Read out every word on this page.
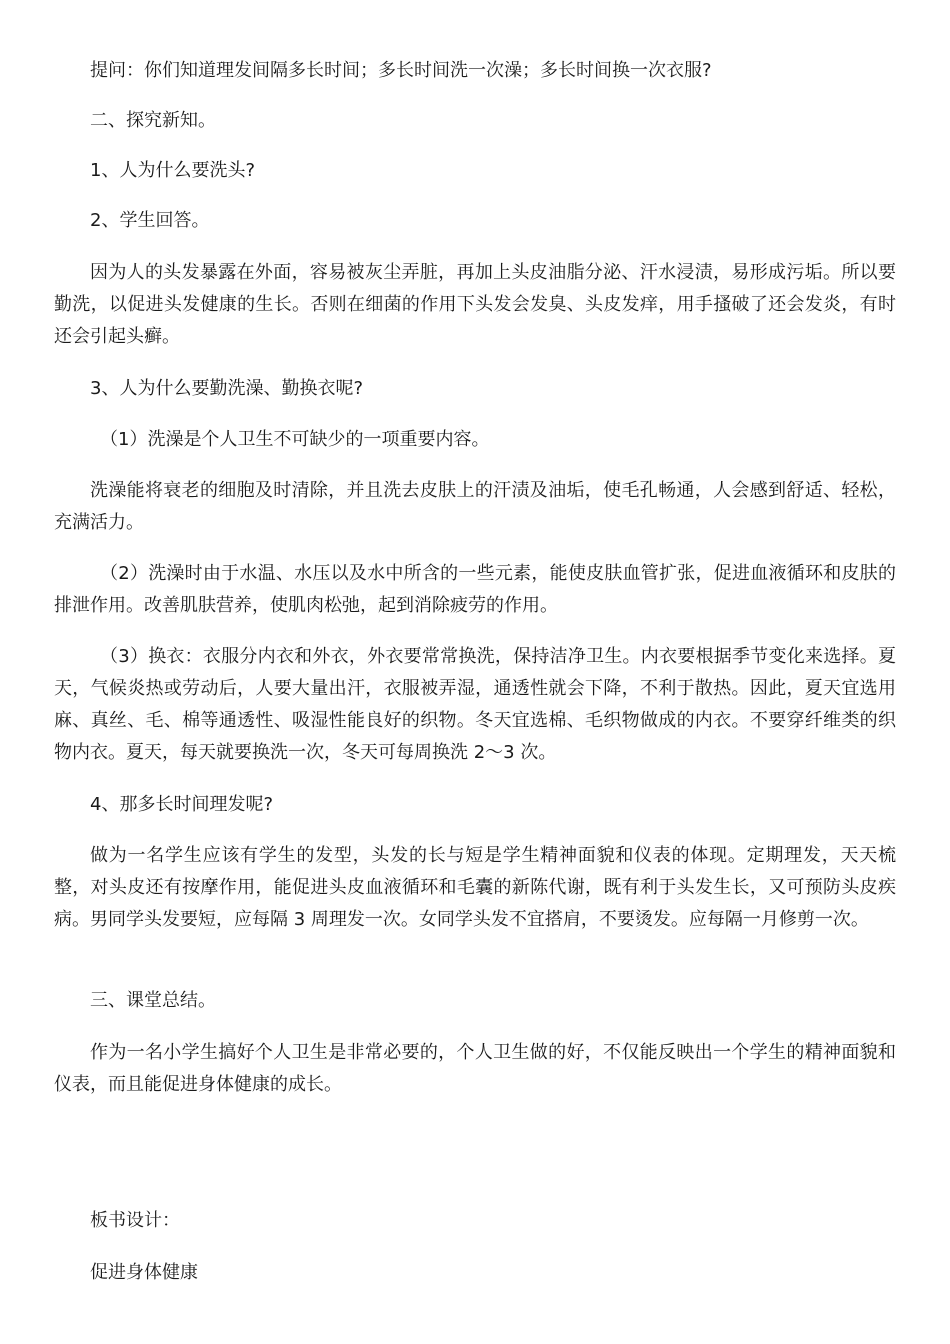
提问：你们知道理发间隔多长时间；多长时间洗一次澡；多长时间换一次衣服?

二、探究新知。

1、人为什么要洗头?

2、学生回答。

因为人的头发暴露在外面，容易被灰尘弄脏，再加上头皮油脂分泌、汗水浸渍，易形成污垢。所以要勤洗，以促进头发健康的生长。否则在细菌的作用下头发会发臭、头皮发痒，用手搔破了还会发炎，有时还会引起头癣。

3、人为什么要勤洗澡、勤换衣呢?

（1）洗澡是个人卫生不可缺少的一项重要内容。

洗澡能将衰老的细胞及时清除，并且洗去皮肤上的汗渍及油垢，使毛孔畅通，人会感到舒适、轻松，充满活力。

（2）洗澡时由于水温、水压以及水中所含的一些元素，能使皮肤血管扩张，促进血液循环和皮肤的排泄作用。改善肌肤营养，使肌肉松弛，起到消除疲劳的作用。

（3）换衣：衣服分内衣和外衣，外衣要常常换洗，保持洁净卫生。内衣要根据季节变化来选择。夏天，气候炎热或劳动后，人要大量出汗，衣服被弄湿，通透性就会下降，不利于散热。因此，夏天宜选用麻、真丝、毛、棉等通透性、吸湿性能良好的织物。冬天宜选棉、毛织物做成的内衣。不要穿纤维类的织物内衣。夏天，每天就要换洗一次，冬天可每周换洗 2～3 次。

4、那多长时间理发呢?

做为一名学生应该有学生的发型，头发的长与短是学生精神面貌和仪表的体现。定期理发，天天梳整，对头皮还有按摩作用，能促进头皮血液循环和毛囊的新陈代谢，既有利于头发生长，又可预防头皮疾病。男同学头发要短，应每隔 3 周理发一次。女同学头发不宜搭肩，不要烫发。应每隔一月修剪一次。

三、课堂总结。

作为一名小学生搞好个人卫生是非常必要的，个人卫生做的好，不仅能反映出一个学生的精神面貌和仪表，而且能促进身体健康的成长。

板书设计：

促进身体健康
